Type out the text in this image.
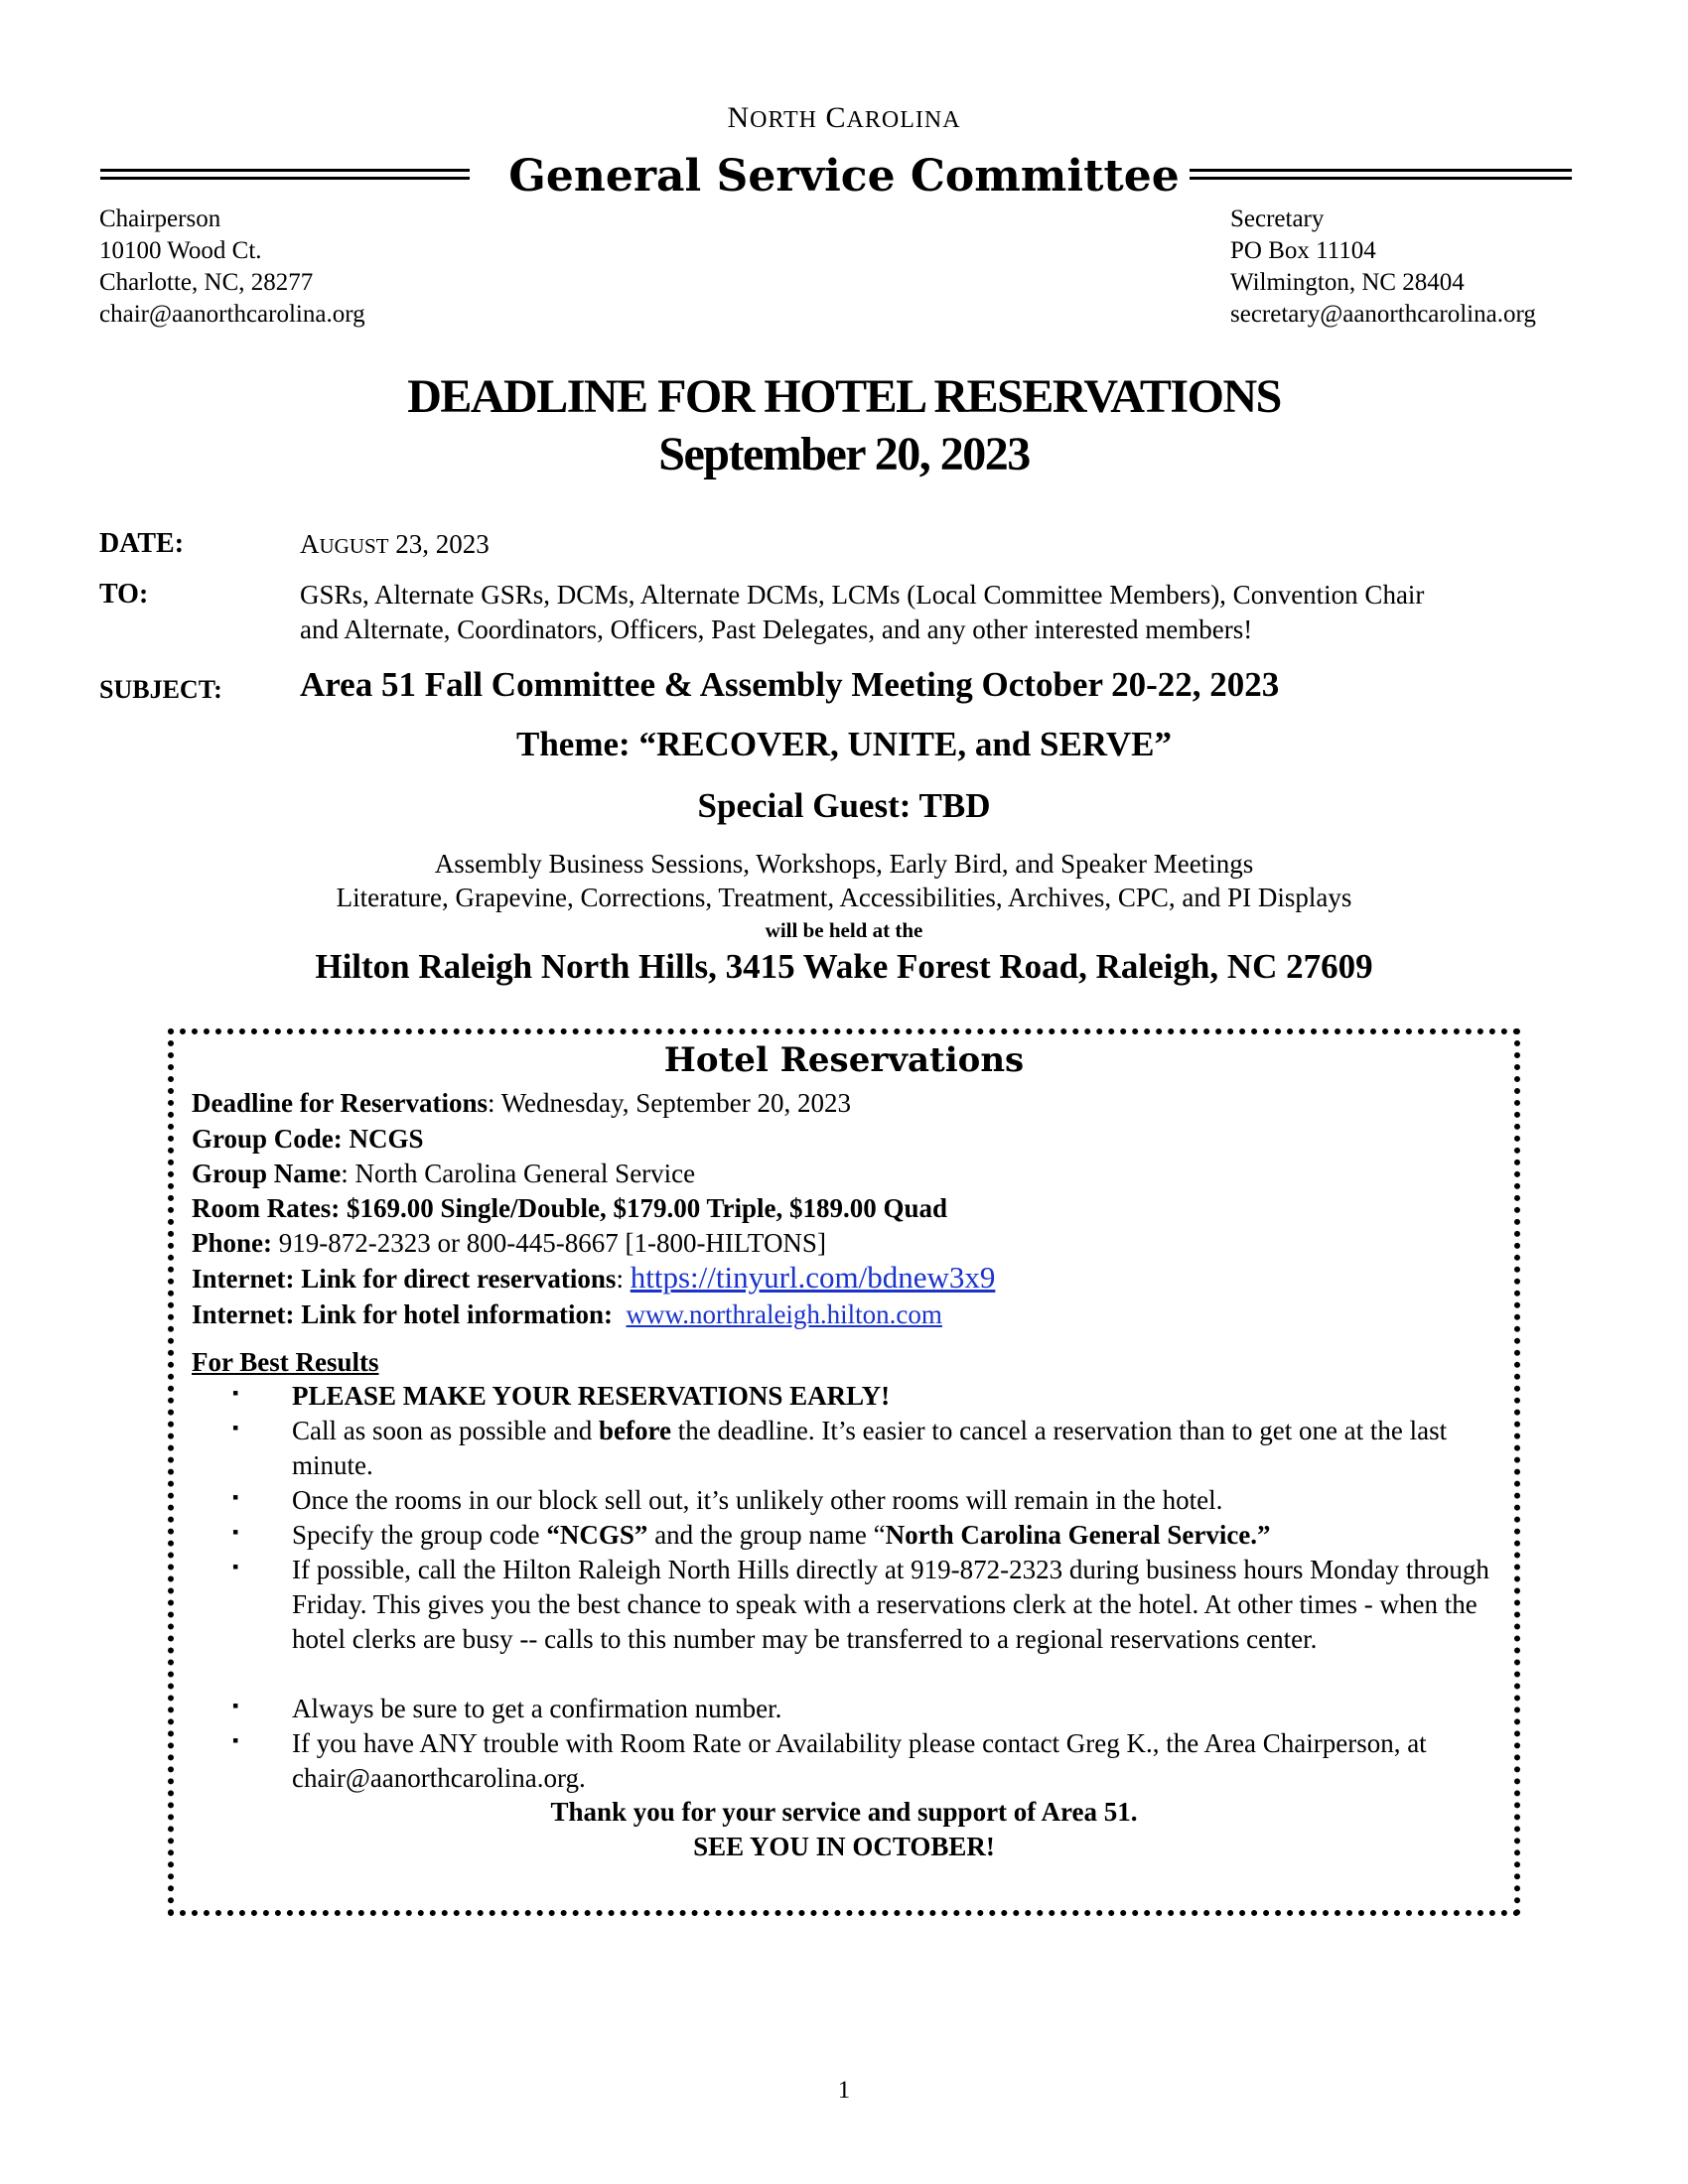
NORTH CAROLINA
General Service Committee
Chairperson
10100 Wood Ct.
Charlotte, NC, 28277
chair@aanorthcarolina.org
Secretary
PO Box 11104
Wilmington, NC 28404
secretary@aanorthcarolina.org
DEADLINE FOR HOTEL RESERVATIONS
September 20, 2023
DATE:	AUGUST 23, 2023
TO:	GSRs, Alternate GSRs, DCMs, Alternate DCMs, LCMs (Local Committee Members), Convention Chair
and Alternate, Coordinators, Officers, Past Delegates, and any other interested members!
SUBJECT: Area 51 Fall Committee & Assembly Meeting October 20-22, 2023
Theme: “RECOVER, UNITE, and SERVE”
Special Guest: TBD
Assembly Business Sessions, Workshops, Early Bird, and Speaker Meetings
Literature, Grapevine, Corrections, Treatment, Accessibilities, Archives, CPC, and PI Displays
will be held at the
Hilton Raleigh North Hills, 3415 Wake Forest Road, Raleigh, NC 27609
Hotel Reservations
Deadline for Reservations: Wednesday, September 20, 2023
Group Code: NCGS
Group Name: North Carolina General Service
Room Rates: $169.00 Single/Double, $179.00 Triple, $189.00 Quad
Phone: 919-872-2323 or 800-445-8667 [1-800-HILTONS]
Internet: Link for direct reservations: https://tinyurl.com/bdnew3x9
Internet: Link for hotel information: www.northraleigh.hilton.com
For Best Results
▪ PLEASE MAKE YOUR RESERVATIONS EARLY!
▪ Call as soon as possible and before the deadline. It’s easier to cancel a reservation than to get one at the last minute.
▪ Once the rooms in our block sell out, it’s unlikely other rooms will remain in the hotel.
▪ Specify the group code “NCGS” and the group name “North Carolina General Service.”
▪ If possible, call the Hilton Raleigh North Hills directly at 919-872-2323 during business hours Monday through Friday. This gives you the best chance to speak with a reservations clerk at the hotel. At other times - when the hotel clerks are busy -- calls to this number may be transferred to a regional reservations center.
▪ Always be sure to get a confirmation number.
▪ If you have ANY trouble with Room Rate or Availability please contact Greg K., the Area Chairperson, at chair@aanorthcarolina.org.
Thank you for your service and support of Area 51.
SEE YOU IN OCTOBER!
1
